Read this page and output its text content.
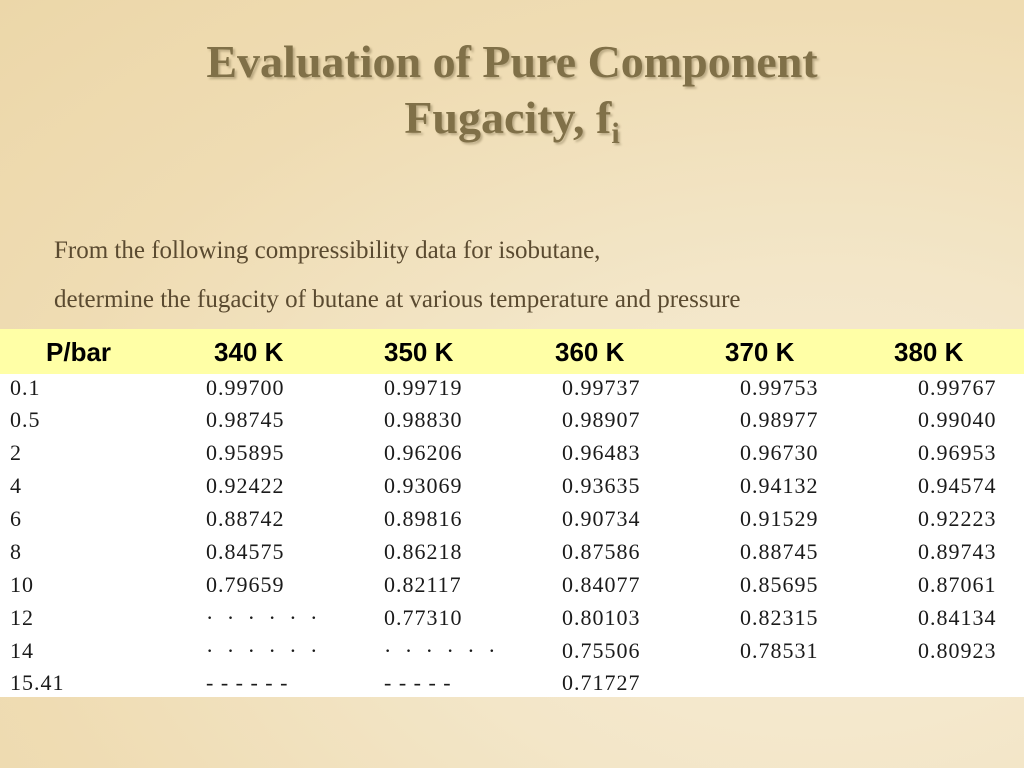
Evaluation of Pure Component
Fugacity, $f_i$

From the following compressibility data for isobutane,

determine the fugacity of butane at various temperature and pressure

P/bar	340 K	350 K	360 K	370 K	380 K
0.1	0.99700	0.99719	0.99737	0.99753	0.99767
0.5	0.98745	0.98830	0.98907	0.98977	0.99040
2	0.95895	0.96206	0.96483	0.96730	0.96953
4	0.92422	0.93069	0.93635	0.94132	0.94574
6	0.88742	0.89816	0.90734	0.91529	0.92223
8	0.84575	0.86218	0.87586	0.88745	0.89743
10	0.79659	0.82117	0.84077	0.85695	0.87061
12	· · · · · ·	0.77310	0.80103	0.82315	0.84134
14	· · · · · ·	· · · · · ·	0.75506	0.78531	0.80923
15.41	- - - - - -	- - - - -	0.71727
